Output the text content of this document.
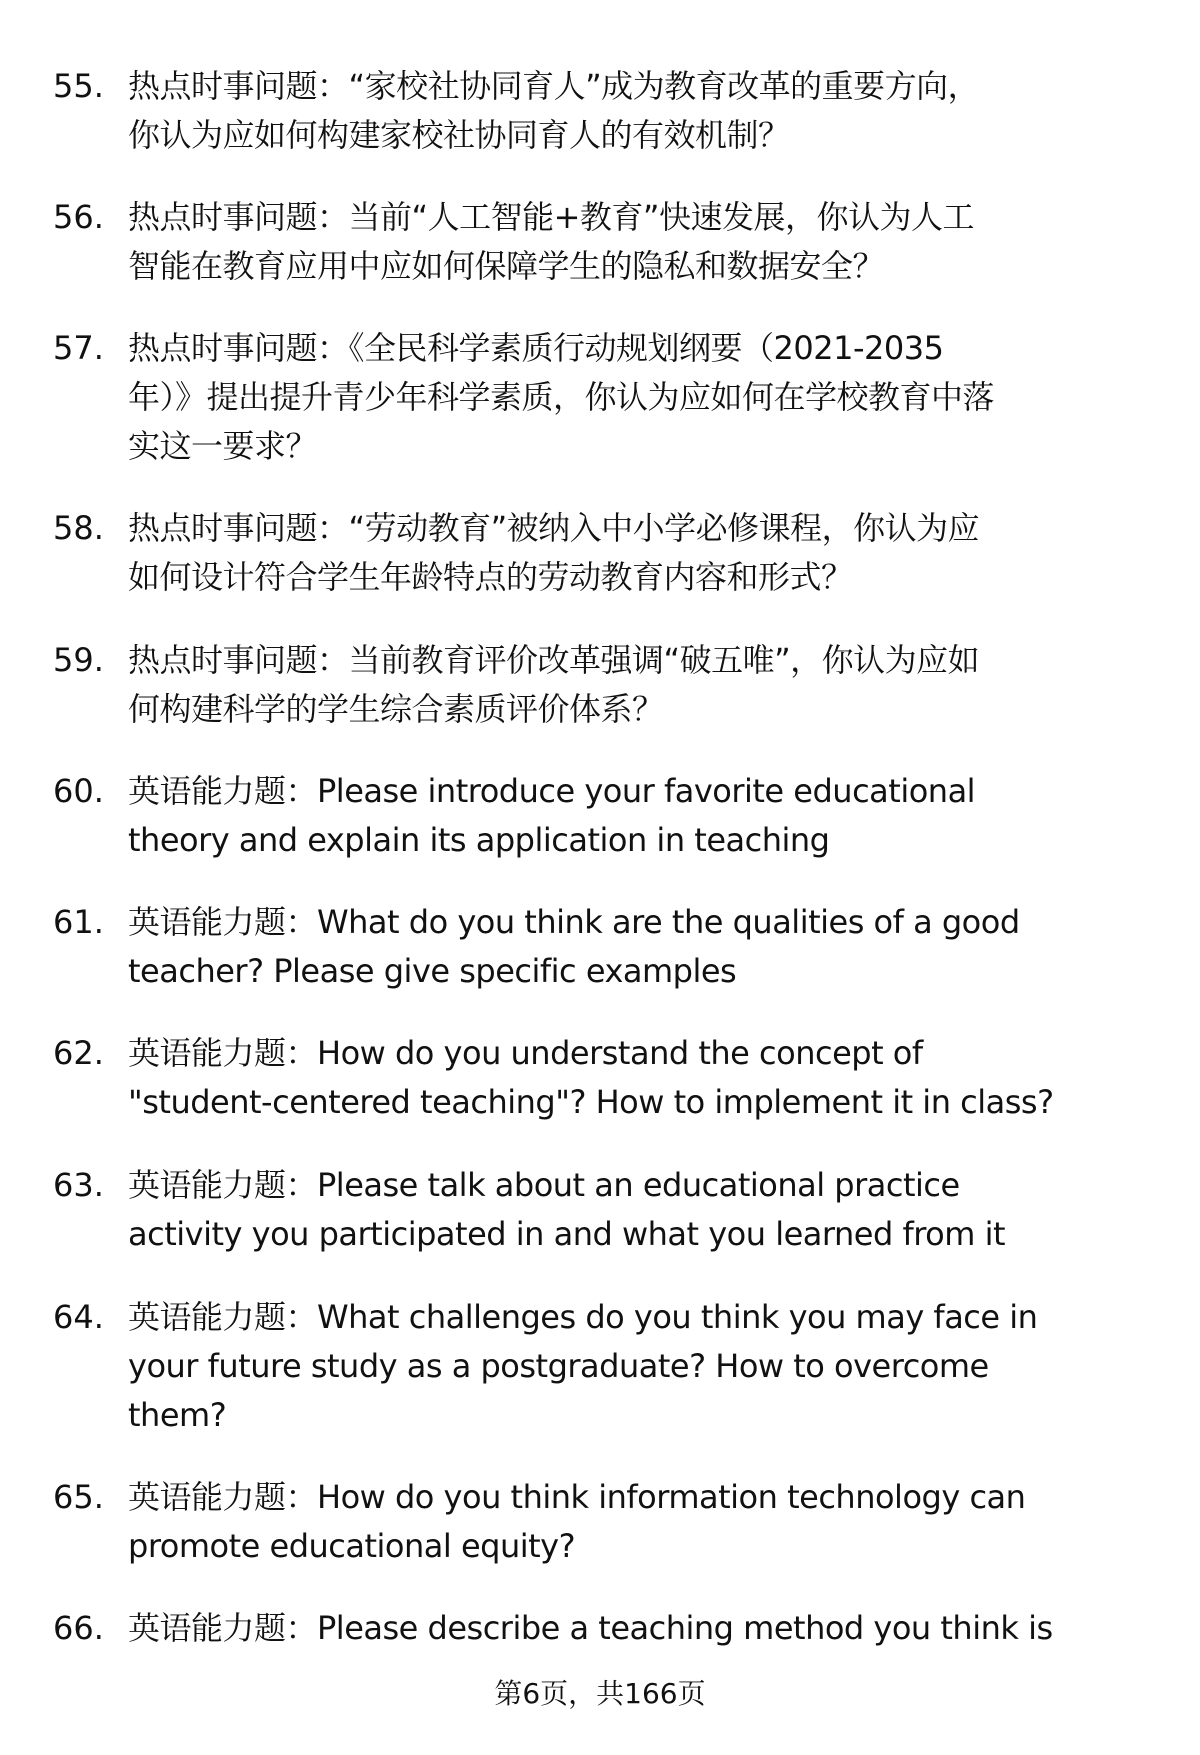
55. 热点时事问题：“家校社协同育人”成为教育改革的重要方向，
你认为应如何构建家校社协同育人的有效机制？
56. 热点时事问题：当前“人工智能+教育”快速发展，你认为人工
智能在教育应用中应如何保障学生的隐私和数据安全？
57. 热点时事问题：《全民科学素质行动规划纲要（2021-2035
年）》提出提升青少年科学素质，你认为应如何在学校教育中落
实这一要求？
58. 热点时事问题：“劳动教育”被纳入中小学必修课程，你认为应
如何设计符合学生年龄特点的劳动教育内容和形式？
59. 热点时事问题：当前教育评价改革强调“破五唯”，你认为应如
何构建科学的学生综合素质评价体系？
60. 英语能力题：Please introduce your favorite educational
theory and explain its application in teaching
61. 英语能力题：What do you think are the qualities of a good
teacher? Please give specific examples
62. 英语能力题：How do you understand the concept of
"student-centered teaching"? How to implement it in class?
63. 英语能力题：Please talk about an educational practice
activity you participated in and what you learned from it
64. 英语能力题：What challenges do you think you may face in
your future study as a postgraduate? How to overcome
them?
65. 英语能力题：How do you think information technology can
promote educational equity?
66. 英语能力题：Please describe a teaching method you think is
第6页，共166页
